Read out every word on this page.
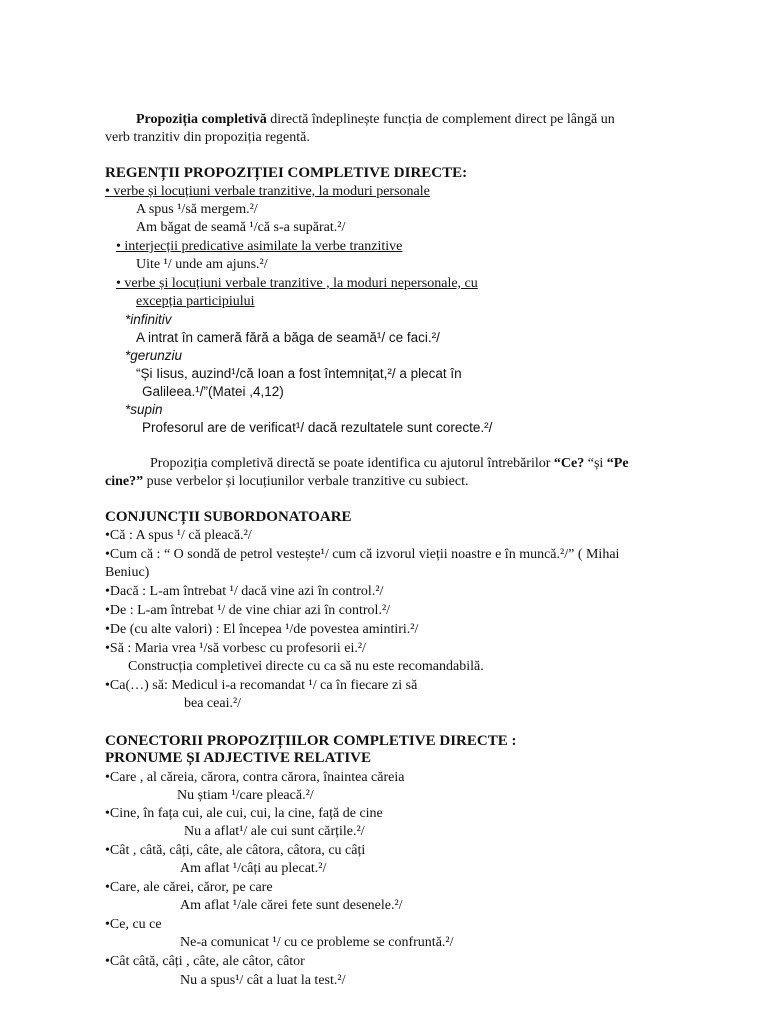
Propoziția completivă directă îndeplinește funcția de complement direct pe lângă un
verb tranzitiv din propoziția regentă.
REGENȚII PROPOZIȚIEI COMPLETIVE DIRECTE:
• verbe și locuțiuni verbale tranzitive, la moduri personale
A spus ¹/să mergem.²/
Am băgat de seamă ¹/că s-a supărat.²/
• interjecții predicative asimilate la verbe tranzitive
Uite ¹/ unde am ajuns.²/
• verbe și locuțiuni verbale tranzitive , la moduri nepersonale, cu
excepția participiului
*infinitiv
A intrat în cameră fără a băga de seamă¹/ ce faci.²/
*gerunziu
“Și Iisus, auzind¹/că Ioan a fost întemnițat,²/ a plecat în
Galileea.¹/”(Matei ,4,12)
*supin
Profesorul are de verificat¹/ dacă rezultatele sunt corecte.²/
Propoziția completivă directă se poate identifica cu ajutorul întrebărilor “Ce? “și “Pe
cine?” puse verbelor și locuțiunilor verbale tranzitive cu subiect.
CONJUNCȚII SUBORDONATOARE
•Că : A spus ¹/ că pleacă.²/
•Cum că : “ O sondă de petrol vestește¹/ cum că izvorul vieții noastre e în muncă.²/” ( Mihai
Beniuc)
•Dacă : L-am întrebat ¹/ dacă vine azi în control.²/
•De : L-am întrebat ¹/ de vine chiar azi în control.²/
•De (cu alte valori) : El începea ¹/de povestea amintiri.²/
•Să : Maria vrea ¹/să vorbesc cu profesorii ei.²/
Construcția completivei directe cu ca să nu este recomandabilă.
•Ca(…) să: Medicul i-a recomandat ¹/ ca în fiecare zi să
bea ceai.²/
CONECTORII PROPOZIȚIILOR COMPLETIVE DIRECTE :
PRONUME ȘI ADJECTIVE RELATIVE
•Care , al căreia, cărora, contra cărora, înaintea căreia
Nu știam ¹/care pleacă.²/
•Cine, în fața cui, ale cui, cui, la cine, față de cine
Nu a aflat¹/ ale cui sunt cărțile.²/
•Cât , câtă, câți, câte, ale câtora, câtora, cu câți
Am aflat ¹/câți au plecat.²/
•Care, ale cărei, căror, pe care
Am aflat ¹/ale cărei fete sunt desenele.²/
•Ce, cu ce
Ne-a comunicat ¹/ cu ce probleme se confruntă.²/
•Cât câtă, câți , câte, ale câtor, câtor
Nu a spus¹/ cât a luat la test.²/
